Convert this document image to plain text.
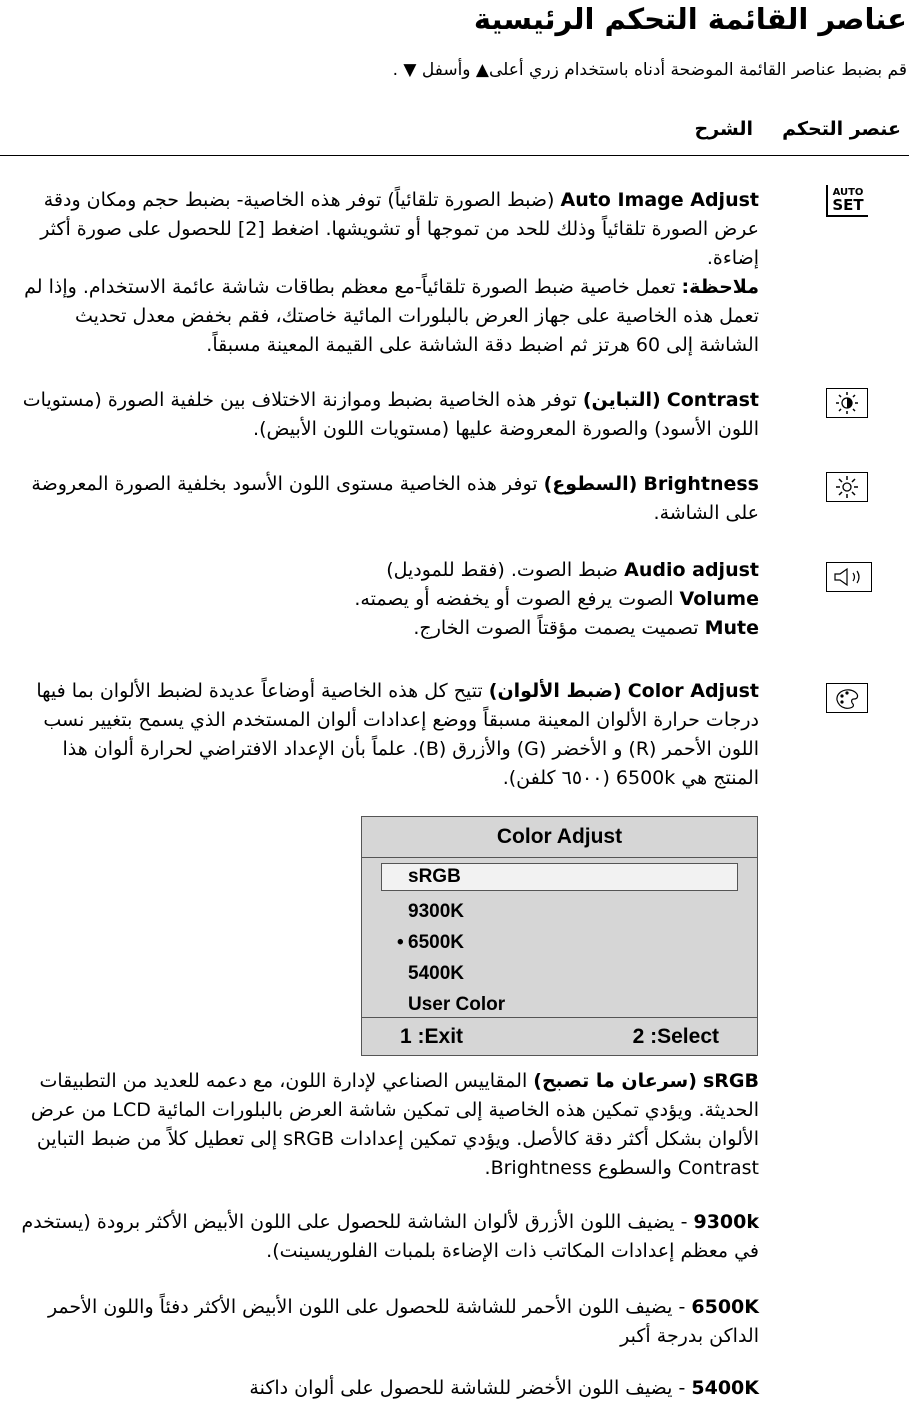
عناصر القائمة التحكم الرئيسية
قم بضبط عناصر القائمة الموضحة أدناه باستخدام زري أعلى▲ وأسفل ▼ .
عنصر التحكم
الشرح
AUTO
SET
Auto Image Adjust (ضبط الصورة تلقائياً) توفر هذه الخاصية- بضبط حجم ومكان ودقة عرض الصورة تلقائياً وذلك للحد من تموجها أو تشويشها. اضغط [2] للحصول على صورة أكثر إضاءة.
ملاحظة: تعمل خاصية ضبط الصورة تلقائياً-مع معظم بطاقات شاشة عائمة الاستخدام. وإذا لم تعمل هذه الخاصية على جهاز العرض بالبلورات المائية خاصتك، فقم بخفض معدل تحديث الشاشة إلى 60 هرتز ثم اضبط دقة الشاشة على القيمة المعينة مسبقاً.
Contrast (التباين) توفر هذه الخاصية بضبط وموازنة الاختلاف بين خلفية الصورة (مستويات اللون الأسود) والصورة المعروضة عليها (مستويات اللون الأبيض).
Brightness (السطوع) توفر هذه الخاصية مستوى اللون الأسود بخلفية الصورة المعروضة على الشاشة.
Audio adjust ضبط الصوت. (فقط للموديل)
Volume الصوت يرفع الصوت أو يخفضه أو يصمته.
Mute تصميت يصمت مؤقتاً الصوت الخارج.
Color Adjust (ضبط الألوان) تتيح كل هذه الخاصية أوضاعاً عديدة لضبط الألوان بما فيها درجات حرارة الألوان المعينة مسبقاً ووضع إعدادات ألوان المستخدم الذي يسمح بتغيير نسب اللون الأحمر (R) و الأخضر (G) والأزرق (B). علماً بأن الإعداد الافتراضي لحرارة ألوان هذا المنتج هي 6500k (٦٥٠٠ كلفن).
Color Adjust
sRGB
9300K
• 6500K
5400K
User Color
1 :Exit	2 :Select
sRGB (سرعان ما تصبح) المقاييس الصناعي لإدارة اللون، مع دعمه للعديد من التطبيقات الحديثة. ويؤدي تمكين هذه الخاصية إلى تمكين شاشة العرض بالبلورات المائية LCD من عرض الألوان بشكل أكثر دقة كالأصل. ويؤدي تمكين إعدادات sRGB إلى تعطيل كلاً من ضبط التباين Contrast والسطوع Brightness.
9300k - يضيف اللون الأزرق لألوان الشاشة للحصول على اللون الأبيض الأكثر برودة (يستخدم في معظم إعدادات المكاتب ذات الإضاءة بلمبات الفلوريسينت).
6500K - يضيف اللون الأحمر للشاشة للحصول على اللون الأبيض الأكثر دفئاً واللون الأحمر الداكن بدرجة أكبر
5400K - يضيف اللون الأخضر للشاشة للحصول على ألوان داكنة
